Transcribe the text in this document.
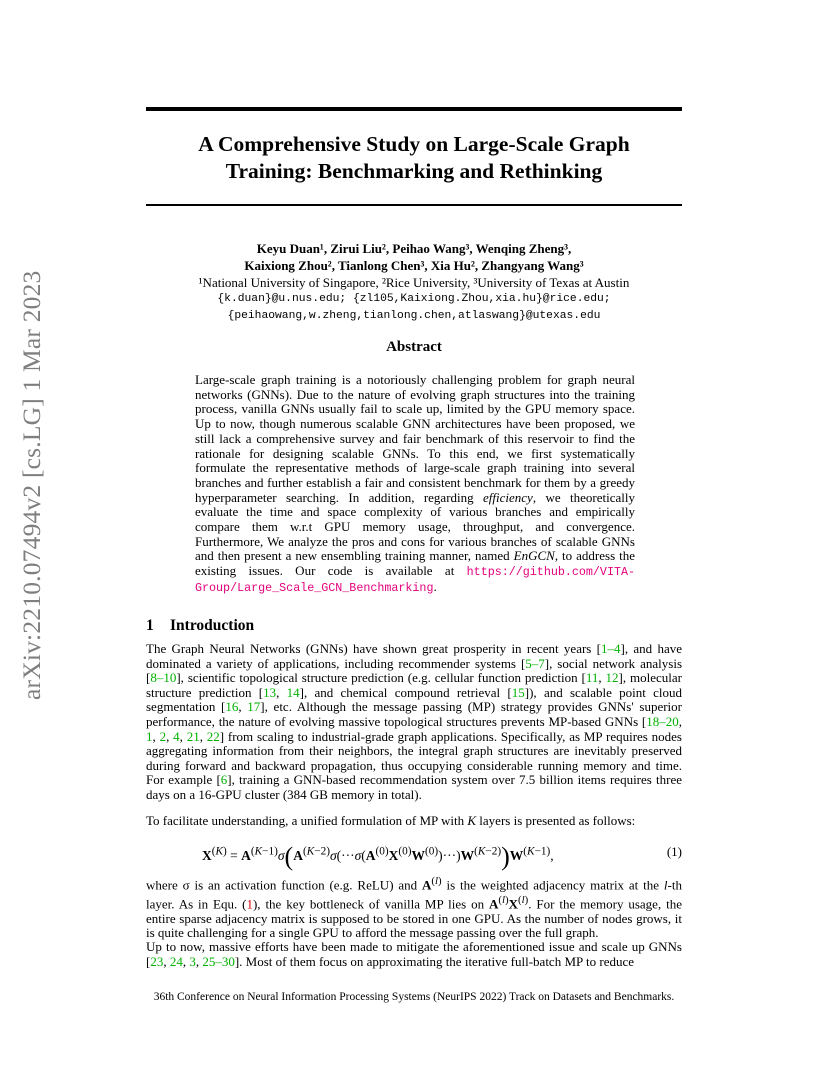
arXiv:2210.07494v2 [cs.LG] 1 Mar 2023
A Comprehensive Study on Large-Scale Graph
Training: Benchmarking and Rethinking
Keyu Duan¹, Zirui Liu², Peihao Wang³, Wenqing Zheng³,
Kaixiong Zhou², Tianlong Chen³, Xia Hu², Zhangyang Wang³
¹National University of Singapore, ²Rice University, ³University of Texas at Austin
{k.duan}@u.nus.edu; {zl105,Kaixiong.Zhou,xia.hu}@rice.edu;
{peihaowang,w.zheng,tianlong.chen,atlaswang}@utexas.edu
Abstract
Large-scale graph training is a notoriously challenging problem for graph neural networks (GNNs). Due to the nature of evolving graph structures into the training process, vanilla GNNs usually fail to scale up, limited by the GPU memory space. Up to now, though numerous scalable GNN architectures have been proposed, we still lack a comprehensive survey and fair benchmark of this reservoir to find the rationale for designing scalable GNNs. To this end, we first systematically formulate the representative methods of large-scale graph training into several branches and further establish a fair and consistent benchmark for them by a greedy hyperparameter searching. In addition, regarding efficiency, we theoretically evaluate the time and space complexity of various branches and empirically compare them w.r.t GPU memory usage, throughput, and convergence. Furthermore, We analyze the pros and cons for various branches of scalable GNNs and then present a new ensembling training manner, named EnGCN, to address the existing issues. Our code is available at https://github.com/VITA-Group/Large_Scale_GCN_Benchmarking.
1 Introduction
The Graph Neural Networks (GNNs) have shown great prosperity in recent years [1–4], and have dominated a variety of applications, including recommender systems [5–7], social network analysis [8–10], scientific topological structure prediction (e.g. cellular function prediction [11, 12], molecular structure prediction [13, 14], and chemical compound retrieval [15]), and scalable point cloud segmentation [16, 17], etc. Although the message passing (MP) strategy provides GNNs' superior performance, the nature of evolving massive topological structures prevents MP-based GNNs [18–20, 1, 2, 4, 21, 22] from scaling to industrial-grade graph applications. Specifically, as MP requires nodes aggregating information from their neighbors, the integral graph structures are inevitably preserved during forward and backward propagation, thus occupying considerable running memory and time. For example [6], training a GNN-based recommendation system over 7.5 billion items requires three days on a 16-GPU cluster (384 GB memory in total).
To facilitate understanding, a unified formulation of MP with K layers is presented as follows:
$X^{(K)} = A^{(K-1)}\sigma(A^{(K-2)}\sigma(\cdot\cdot\cdot\sigma(A^{(0)}X^{(0)}W^{(0)})\cdot\cdot\cdot)W^{(K-2)})W^{(K-1)}$,	(1)
where σ is an activation function (e.g. ReLU) and $A^{(l)}$ is the weighted adjacency matrix at the l-th layer. As in Equ. (1), the key bottleneck of vanilla MP lies on $A^{(l)}X^{(l)}$. For the memory usage, the entire sparse adjacency matrix is supposed to be stored in one GPU. As the number of nodes grows, it is quite challenging for a single GPU to afford the message passing over the full graph.
Up to now, massive efforts have been made to mitigate the aforementioned issue and scale up GNNs [23, 24, 3, 25–30]. Most of them focus on approximating the iterative full-batch MP to reduce
36th Conference on Neural Information Processing Systems (NeurIPS 2022) Track on Datasets and Benchmarks.
